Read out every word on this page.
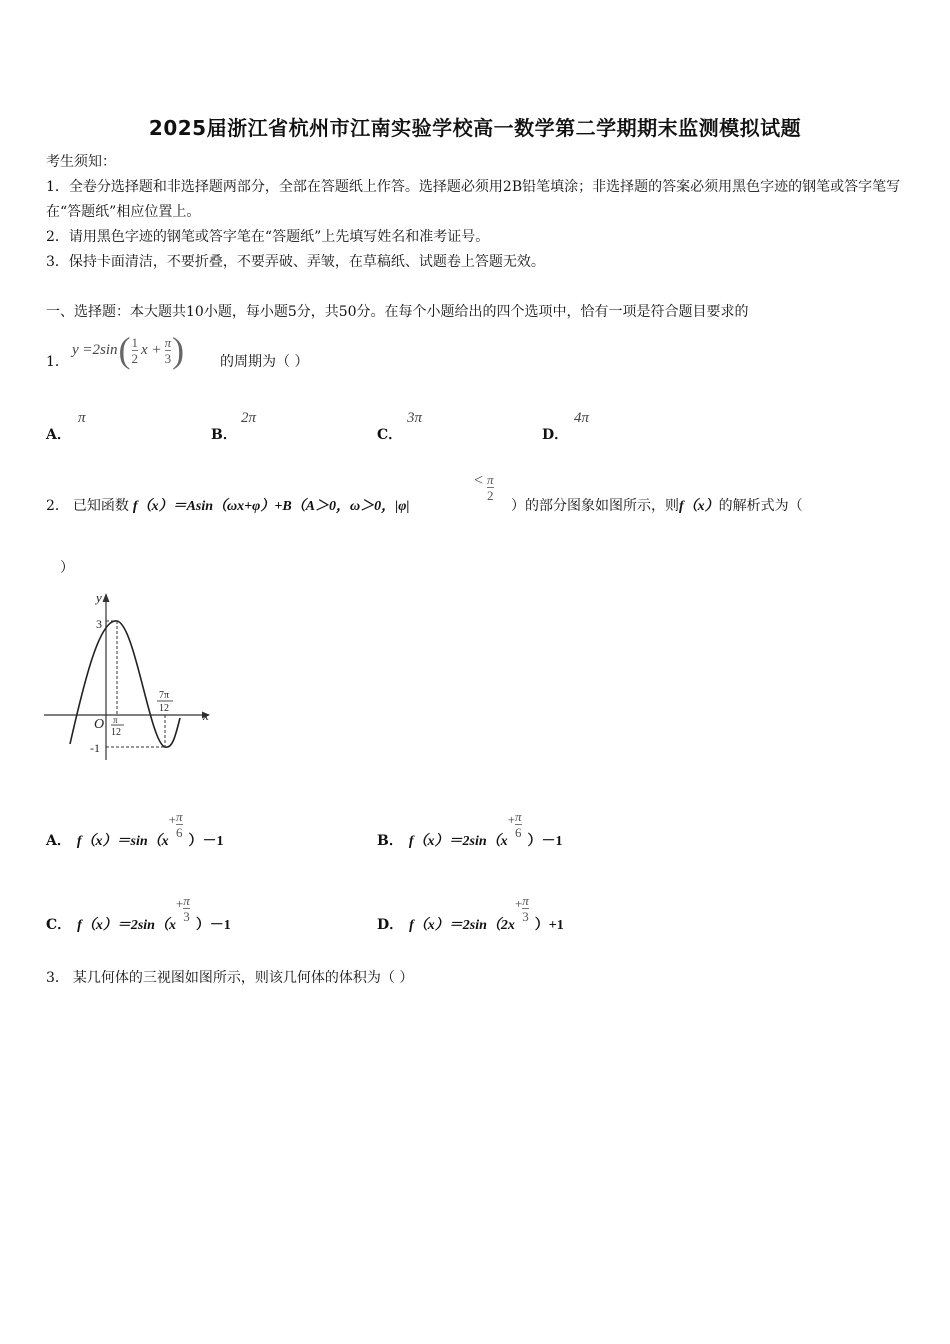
2025届浙江省杭州市江南实验学校高一数学第二学期期末监测模拟试题
考生须知：
1．全卷分选择题和非选择题两部分，全部在答题纸上作答。选择题必须用2B铅笔填涂；非选择题的答案必须用黑色字迹的钢笔或答字笔写在“答题纸”相应位置上。
2．请用黑色字迹的钢笔或答字笔在“答题纸”上先填写姓名和准考证号。
3．保持卡面清洁，不要折叠，不要弄破、弄皱，在草稿纸、试题卷上答题无效。
一、选择题：本大题共10小题，每小题5分，共50分。在每个小题给出的四个选项中，恰有一项是符合题目要求的
1．
y =2sin ( $\frac{1}{2}$ $x + \frac{\pi}{3}$ )	的周期为（ ）
A．
π
B．
2π
C．
3π
D．
4π
2． 已知函数 f（x）＝Asin（ωx+φ）+B（A＞0，ω＞0，|φ|
< $\frac{\pi}{2}$
）的部分图象如图所示，则f（x）的解析式为（
）
y
x
3
-1
O π
12
7π
12
A． f（x）＝sin（x
+ $\frac{\pi}{6}$
）－1	B． f（x）＝2sin（x
+ $\frac{\pi}{6}$
）－1
C． f（x）＝2sin（x
+ $\frac{\pi}{3}$
）－1	D． f（x）＝2sin（2x
+ $\frac{\pi}{3}$
）+1
3． 某几何体的三视图如图所示，则该几何体的体积为（ ）
